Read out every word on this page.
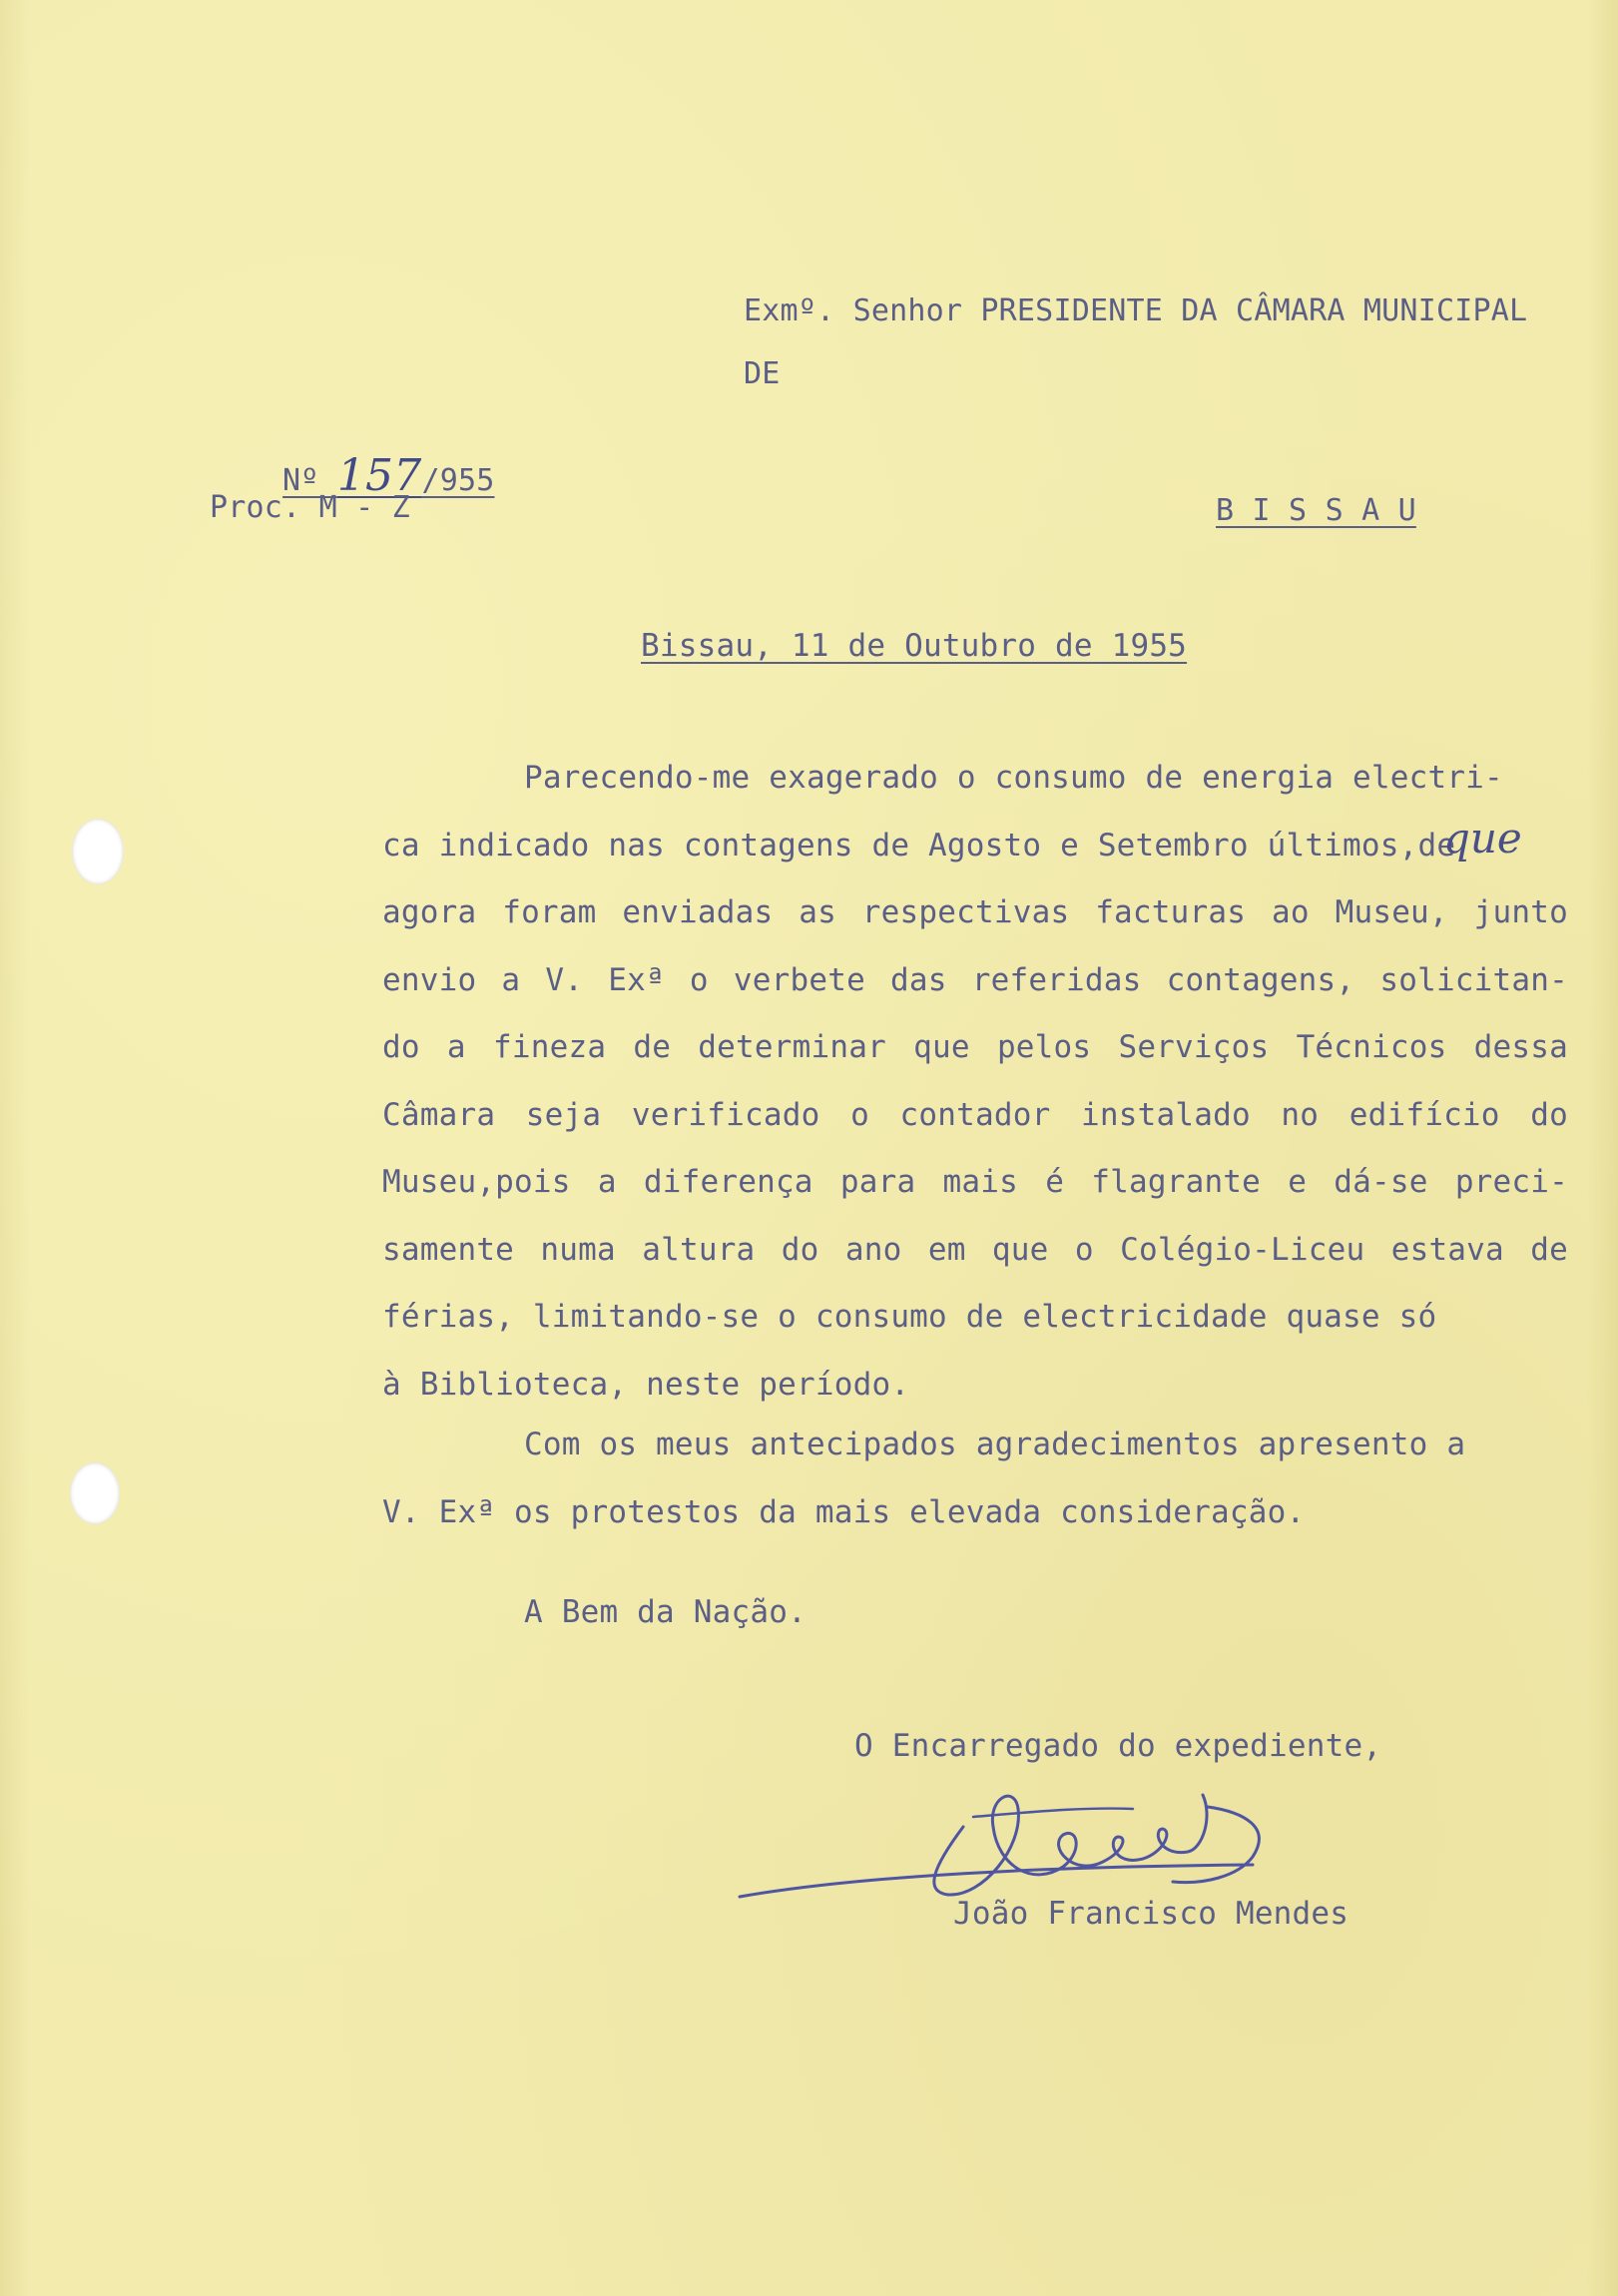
Exmº. Senhor PRESIDENTE DA CÂMARA MUNICIPAL
DE
B I S S A U

Nº 157/955

Proc. M - Z
Bissau, 11 de Outubro de 1955
Parecendo-me exagerado o consumo de energia electri-
ca indicado nas contagens de Agosto e Setembro últimos,de
agora foram enviadas as respectivas facturas ao Museu, junto
envio a V. Exª o verbete das referidas contagens, solicitan-
do a fineza de determinar que pelos Serviços Técnicos dessa
Câmara seja verificado o contador instalado no edifício do
Museu,pois a diferença para mais é flagrante e dá-se preci-
samente numa altura do ano em que o Colégio-Liceu estava de
férias, limitando-se o consumo de electricidade quase só
à Biblioteca, neste período.
Com os meus antecipados agradecimentos apresento a
V. Exª os protestos da mais elevada consideração.
que
A Bem da Nação.
O Encarregado do expediente,
João Francisco Mendes
